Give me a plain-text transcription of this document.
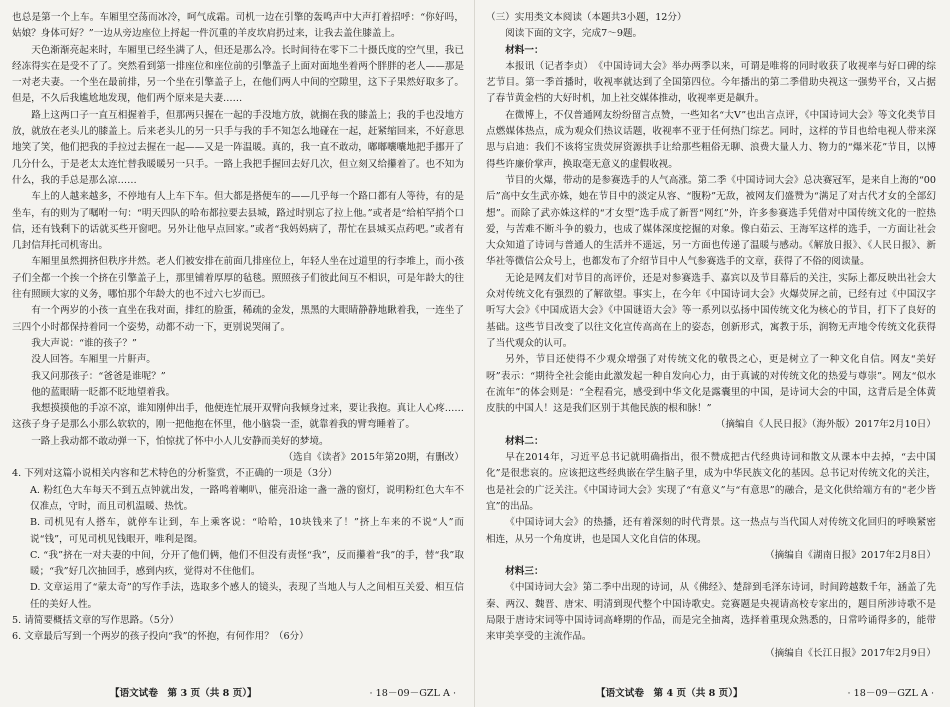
也总是第一个上车。车厢里空荡而冰冷，呵气成霜。司机一边在引擎的轰鸣声中大声打着招呼：“你好吗，姑娘？身体可好？”一边从旁边座位上捋起一件沉重的羊皮坎肩扔过来，让我去盖住膝盖上。

天色渐渐亮起来时，车厢里已经坐满了人，但还是那么冷。长时间待在零下二十摄氏度的空气里，我已经冻得实在是受不了了。突然看到第一排座位和座位前的引擎盖子上面对面地坐着两个胖胖的老人——那是一对老夫妻。一个坐在最前排，另一个坐在引擎盖子上，在他们两人中间的空隙里，这下子果然好取多了。但是，不久后我尴尬地发现，他们两个原来是夫妻……

路上这两口子一直互相握着手，但那两只握在一起的手没地方放，就搁在我的膝盖上；我的手也没地方放，就放在老头儿的膝盖上。后来老头儿的另一只手与我的手不知怎么地碰在一起，赶紧缩回来，不好意思地笑了笑，他们把我的手拉过去握在一起——又是一阵温暖。真的，我一直不敢动，嘟嘟囔囔地把手挪开了几分什么，于是老太太连忙替我暖暖另一只手。一路上我把手握回去好几次，但立刻又给攥着了。也不知为什么，我的手总是那么凉……

车上的人越来越多，不停地有人上车下车。但大都是搭便车的——几乎每一个路口都有人等待，有的是坐车，有的则为了嘱咐一句：“明天四队的哈布都拉要去县城，路过时别忘了拉上他。”或者是“给柏罕捎个口信，还有钱剩下的话就买些开窗吧。另外让他早点回家。”或者“我妈妈病了，帮忙在县城买点药吧。”或者有几封信拜托司机寄出。

车厢里虽然拥挤但秩序井然。老人们被安排在前面几排座位上，年轻人坐在过道里的行李堆上，而小孩子们全都一个挨一个挤在引擎盖子上，那里铺着厚厚的毡毯。照照孩子们彼此间互不相识，可是年龄大的往往有照顾大家的义务，哪怕那个年龄大的也不过六七岁而已。

有一个两岁的小孩一直坐在我对面，排红的脸蛋，稀疏的金发，黑黑的大眼睛静静地瞅着我，一连坐了三四个小时都保持着同一个姿势，动都不动一下，更别说哭闹了。

我大声说：“谁的孩子？”

没人回答。车厢里一片鼾声。

我又问那孩子：“爸爸是谁呢？”

他的蓝眼睛一眨都不眨地望着我。

我想摸摸他的手凉不凉，谁知刚伸出手，他便连忙展开双臂向我倾身过来，要让我抱。真让人心疼……这孩子身子是那么小那么软软的，刚一把他抱在怀里，他小脑袋一歪，就靠着我的臂弯睡着了。

一路上我动都不敢动弹一下，怕惊扰了怀中小人儿安静而美好的梦境。

（选自《读者》2015年第20期，有删改）

4. 下列对这篇小说相关内容和艺术特色的分析鉴赏，不正确的一项是（3分）

A. 粉红色大车每天不到五点钟就出发，一路鸣着喇叭，催亮沿途一盏一盏的窗灯，说明粉红色大车不仅准点，守时，而且司机温暖、热忱。

B. 司机见有人搭车，就停车让到，车上乘客说：“哈哈，10块钱来了！”挤上车来的不说“人”而说“钱”，可见司机见钱眼开，唯利是图。

C. “我”挤在一对夫妻的中间，分开了他们俩，他们不但没有责怪“我”，反而攥着“我”的手，替“我”取暖；“我”好几次抽回手，感到内疚，觉得对不住他们。

D. 文章运用了“蒙太奇”的写作手法，选取多个感人的镜头，表现了当地人与人之间相互关爱、相互信任的美好人性。

5. 请简要概括文章的写作思路。（5分）

6. 文章最后写到一个两岁的孩子投向“我”的怀抱，有何作用？（6分）

【语文试卷　第 3 页（共 8 页）】	· 18－09－GZL A ·

（三）实用类文本阅读（本题共3小题，12分）

阅读下面的文字，完成7～9题。

材料一：

本报讯（记者李贞）　《中国诗词大会》举办两季以来，可谓是唯将的同时收获了收视率与好口碑的综艺节目。第一季首播时，收视率就达到了全国第四位。今年播出的第二季借助央视这一强势平台，又占据了春节黄金档的大好时机，加上社交媒体推动，收视率更是飙升。

在微博上，不仅普通网友纷纷留言点赞，一些知名“大V”也出言点评，《中国诗词大会》等文化类节目点燃媒体热点，成为观众们热议话题，收视率不亚于任何热门综艺。同时，这样的节目也给电视人带来深思与启迪：我们不该将宝贵荧屏资源拱手让给那些粗俗无聊、浪费大量人力、物力的“爆米花”节目，以博得些许廉价掌声，换取毫无意义的虚假收视。

节目的火爆，带动的是参赛选手的人气高涨。第二季《中国诗词大会》总决赛冠军，是来自上海的“00后”高中女生武亦姝，她在节目中的淡定从容、“腹粉”无敌，被网友们盛赞为“满足了对古代才女的全部幻想”。而除了武亦姝这样的“才女型”选手成了新晋“网红”外，许多参赛选手凭借对中国传统文化的一腔热爱，与苦难不断斗争的毅力，也成了媒体深度挖掘的对象。像白茹云、王海军这样的选手，一方面让社会大众知道了诗词与普通人的生活并不遥远，另一方面也传递了温暖与感动。《解放日报》、《人民日报》、新华社等微信公众号上，也都发布了介绍节目中人气参赛选手的文章，获得了不俗的阅读量。

无论是网友们对节目的高评价，还是对参赛选手、嘉宾以及节目幕后的关注，实际上都反映出社会大众对传统文化有强烈的了解欲望。事实上，在今年《中国诗词大会》火爆荧屏之前，已经有过《中国汉字听写大会》《中国成语大会》《中国谜语大会》等一系列以弘扬中国传统文化为核心的节目，打下了良好的基础。这些节目改变了以往文化宣传高高在上的姿态，创新形式，寓教于乐，润物无声地令传统文化获得了当代观众的认可。

另外，节目还使得不少观众增强了对传统文化的敬畏之心，更是树立了一种文化自信。网友“美好呀”表示：“期待全社会能由此激发起一种自发向心力，由于真诚的对传统文化的热爱与尊崇”。网友“似水在流年”的体会则是：“全程看完，感受到中华文化是露囊里的中国，是诗词大会的中国，这背后是全体黄皮肤的中国人！这是我们区别于其他民族的根和脉！”

（摘编自《人民日报》（海外版）2017年2月10日）

材料二：

早在2014年，习近平总书记就明确指出，很不赞成把古代经典诗词和散文从课本中去掉，“去中国化”是很悲哀的。应该把这些经典嵌在学生脑子里，成为中华民族文化的基因。总书记对传统文化的关注，也是社会的广泛关注。《中国诗词大会》实现了“有意义”与“有意思”的融合，是文化供给端方有的“老少皆宜”的出品。

《中国诗词大会》的热播，还有着深刻的时代背景。这一热点与当代国人对传统文化回归的呼唤紧密相连，从另一个角度讲，也是国人文化自信的体现。

（摘编自《湖南日报》2017年2月8日）

材料三：

《中国诗词大会》第二季中出现的诗词，从《佛经》、楚辞到毛泽东诗词，时间跨越数千年，涵盖了先秦、两汉、魏晋、唐宋、明清到现代整个中国诗歌史。竞赛题是央视请高校专家出的，题目所涉诗歌不是局限于唐诗宋词等中国诗词高峰期的作品，而是完全抽离，选择着重现众熟悉的，日常吟诵得多的，能带来审美享受的主流作品。

（摘编自《长江日报》2017年2月9日）

【语文试卷　第 4 页（共 8 页）】	· 18－09－GZL A ·
